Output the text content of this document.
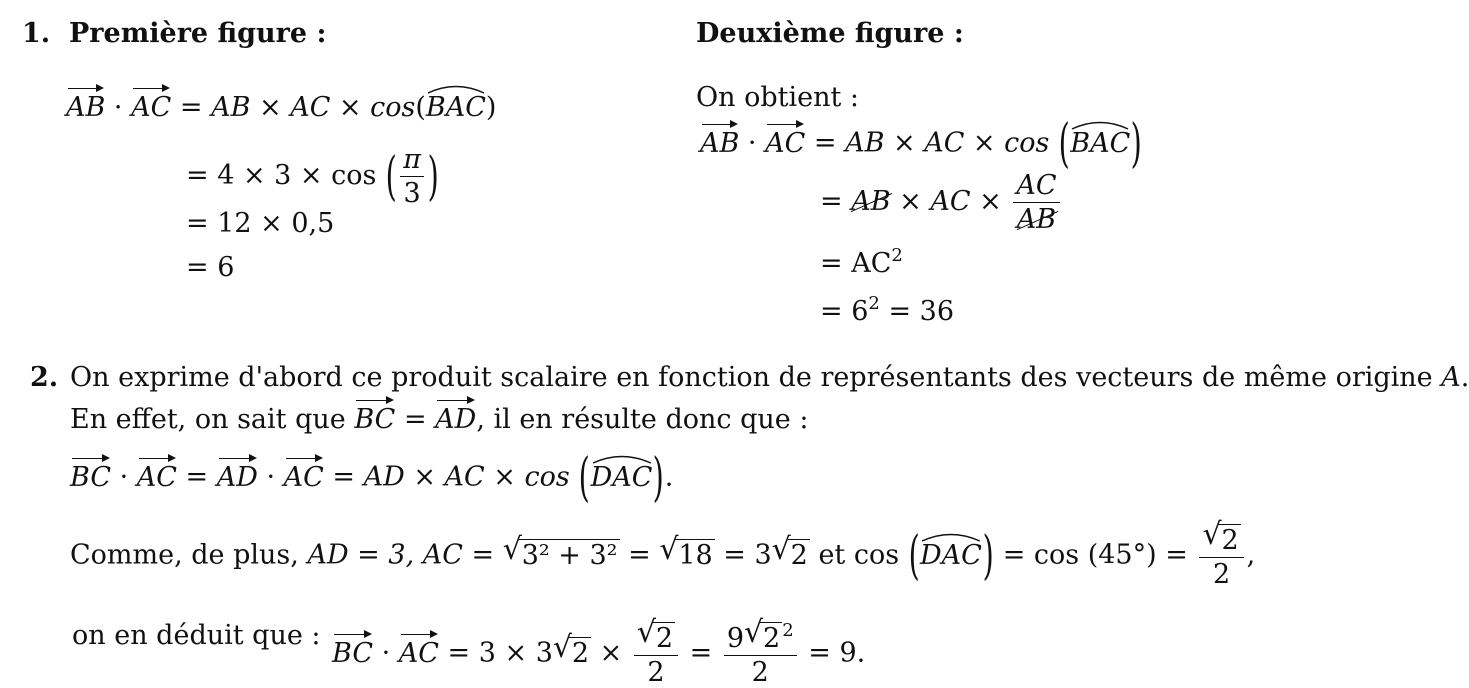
1. Première figure :
AB · AC = AB × AC × cos(
BAC)
= 4 × 3 × cos ( $\frac{\pi}{3}$ )
= 12 × 0,5
= 6
Deuxième figure :
On obtient :
AB · AC = AB × AC × cos (
BAC)
= AB × AC × $\frac{AC}{AB}$
= $AC^2$
= $6^2 = 36$
2. On exprime d'abord ce produit scalaire en fonction de représentants des vecteurs de même origine A.
En effet, on sait que BC = AD, il en résulte donc que :
BC · AC = AD · AC = AD × AC × cos (
DAC).
Comme, de plus, AD = 3, AC = √ 3² + 3² = √ 18 = 3 √ 2 et cos (
$DAC) = \cos (45^\circ) = \frac{√ 2}{2}$ ,
on en déduit que :
BC · AC = 3 × 3 √ $2 \times \frac{√ 2}{2} = \frac{9 √ 2 ^2}{2} = 9$.
